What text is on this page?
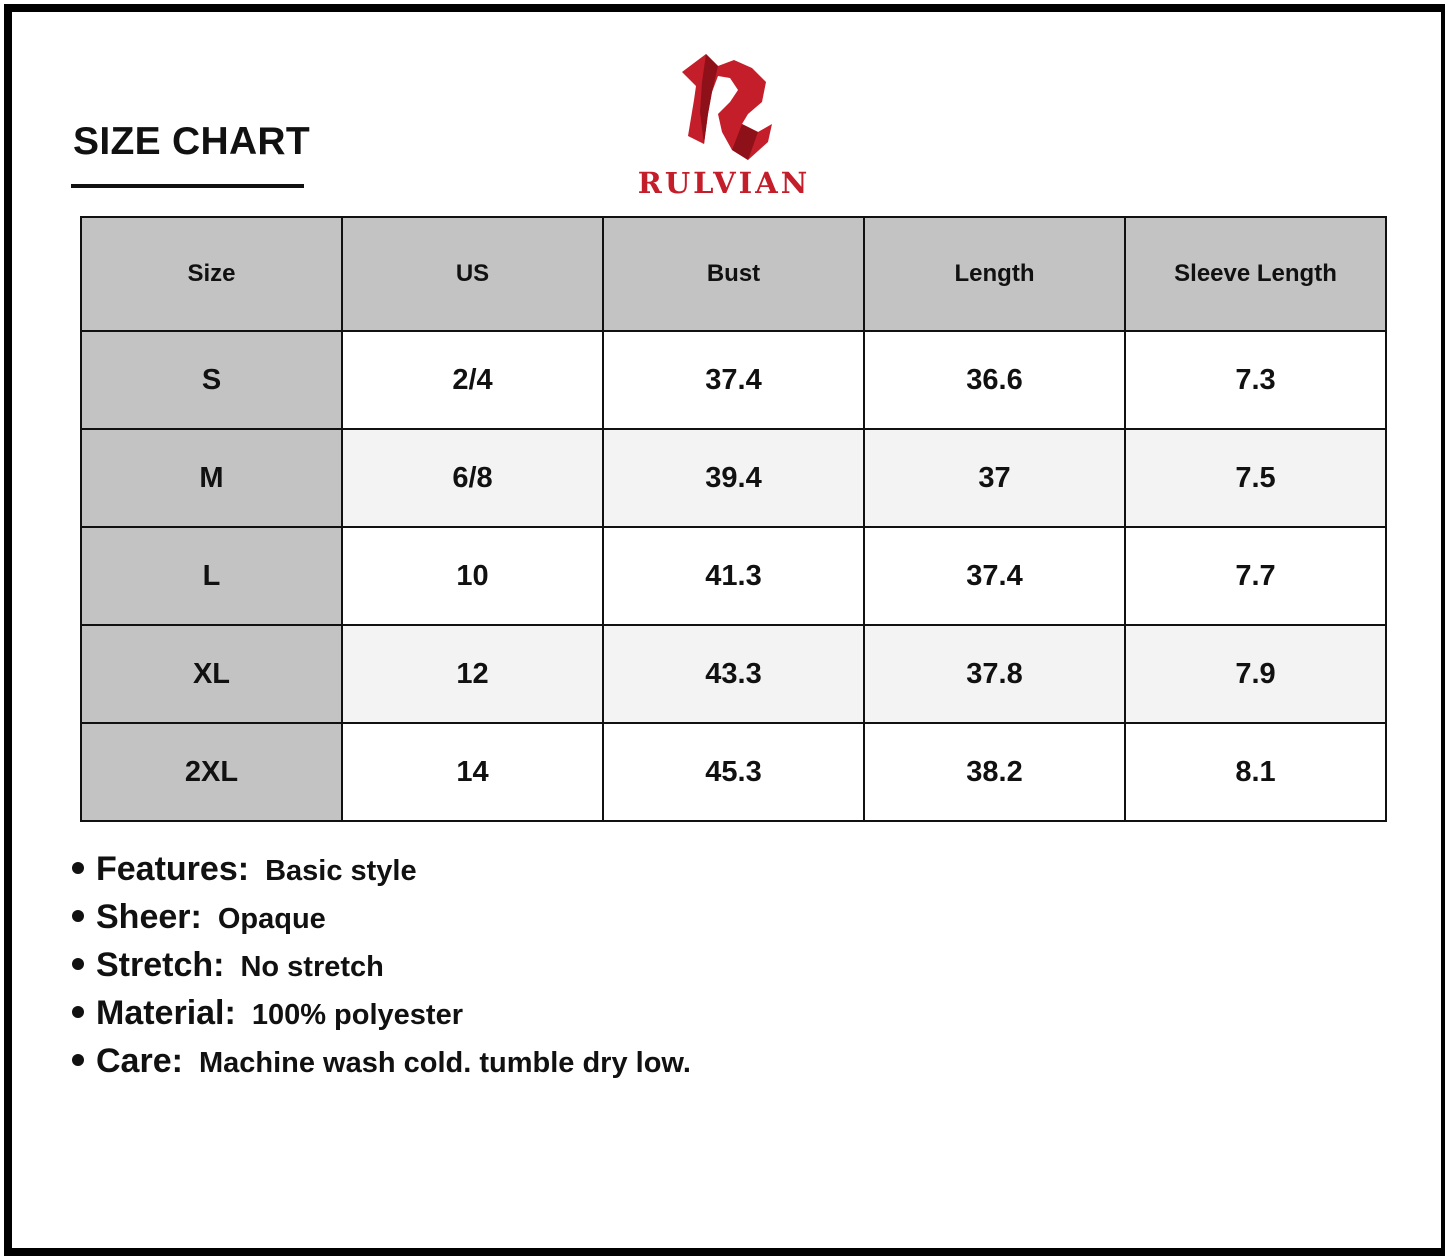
SIZE CHART
RULVIAN
Size	US	Bust	Length	Sleeve Length
S	2/4	37.4	36.6	7.3
M	6/8	39.4	37	7.5
L	10	41.3	37.4	7.7
XL	12	43.3	37.8	7.9
2XL	14	45.3	38.2	8.1
Features: Basic style
Sheer: Opaque
Stretch: No stretch
Material: 100% polyester
Care: Machine wash cold. tumble dry low.
